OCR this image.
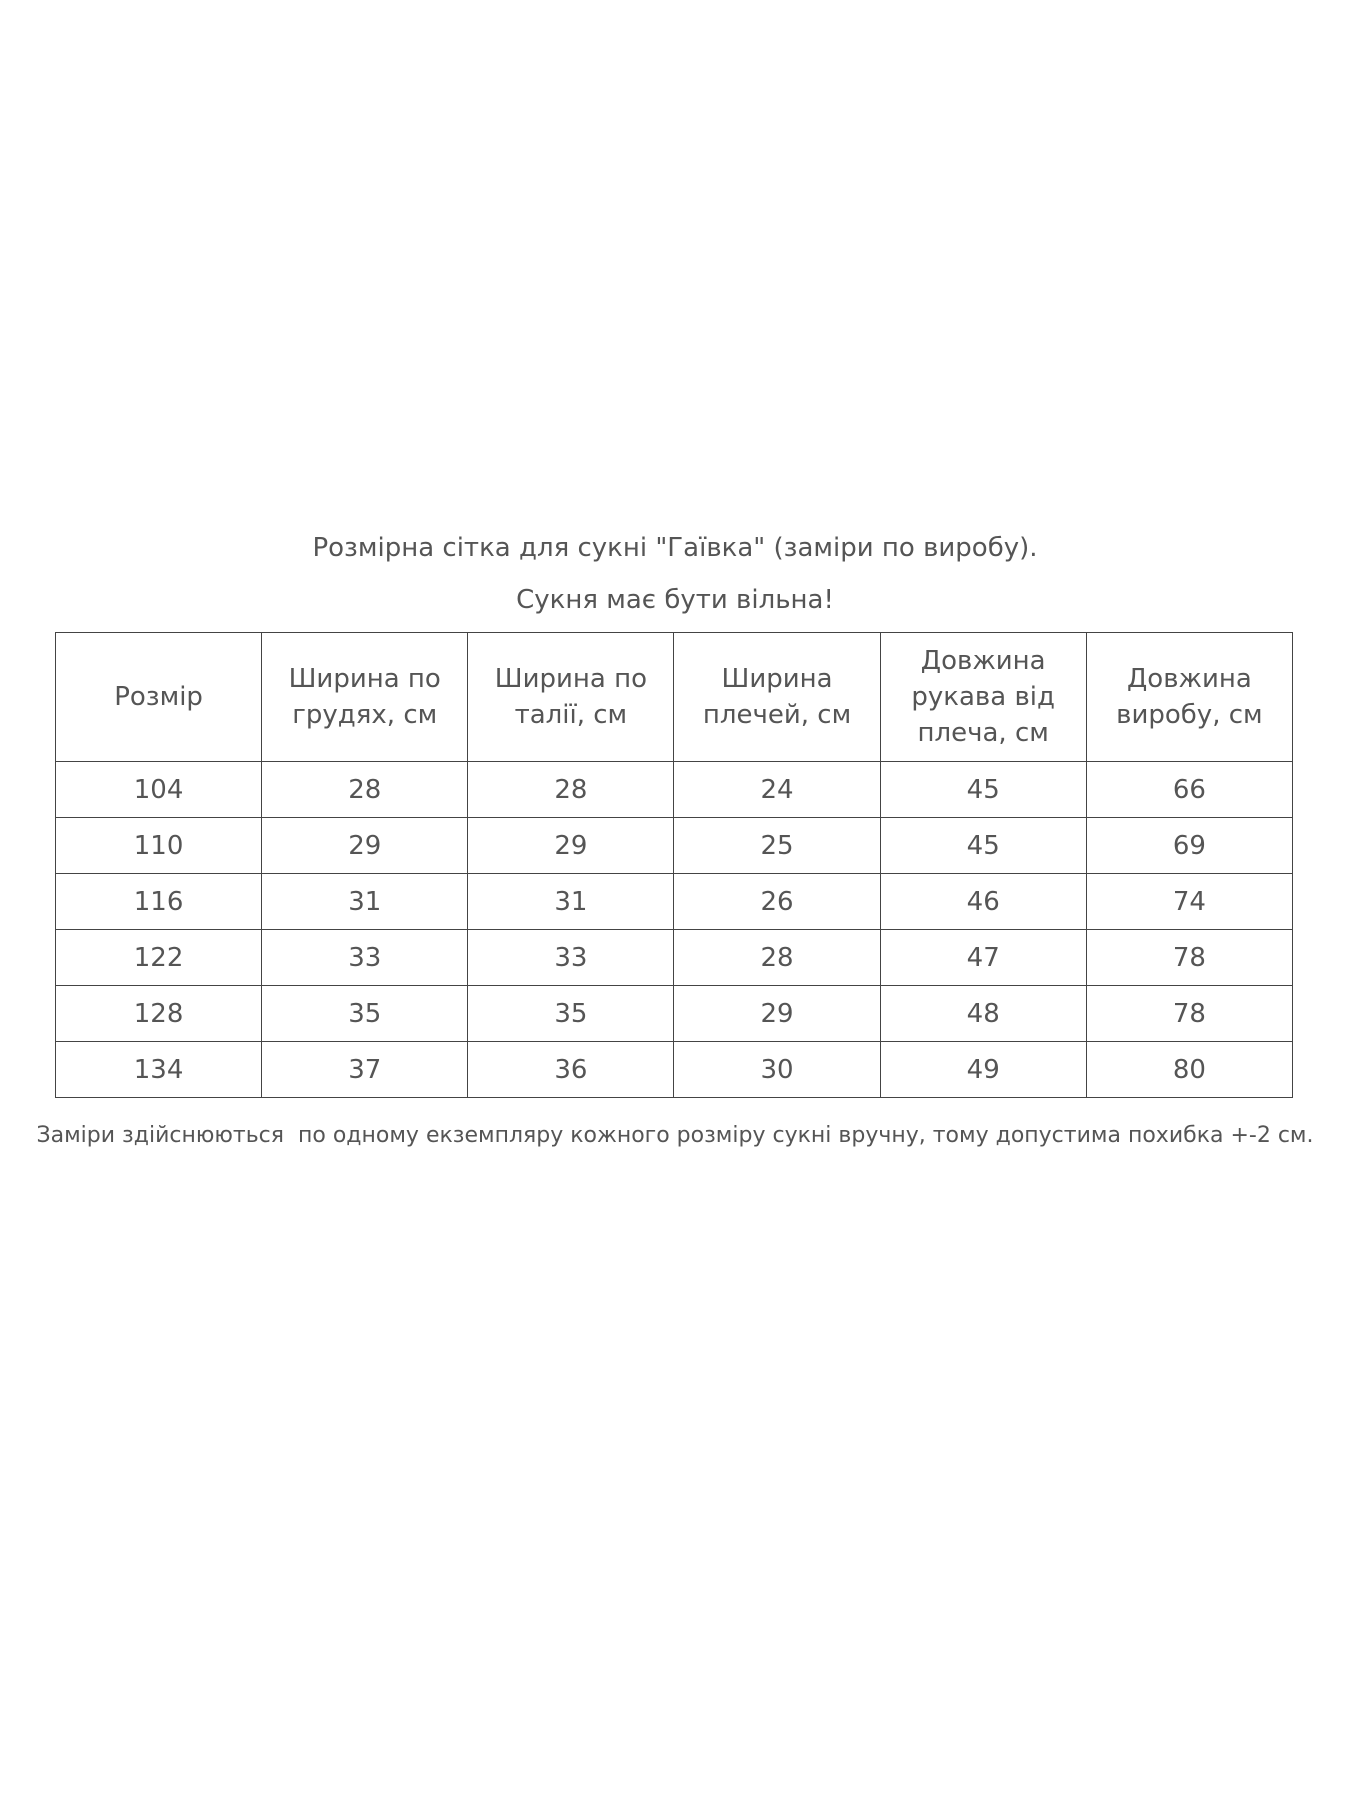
Розмірна сітка для сукні "Гаївка" (заміри по виробу).
Сукня має бути вільна!
Розмір	Ширина по грудях, см	Ширина по талії, см	Ширина плечей, см	Довжина рукава від плеча, см	Довжина виробу, см
104	28	28	24	45	66
110	29	29	25	45	69
116	31	31	26	46	74
122	33	33	28	47	78
128	35	35	29	48	78
134	37	36	30	49	80
Заміри здійснюються  по одному екземпляру кожного розміру сукні вручну, тому допустима похибка +-2 см.
